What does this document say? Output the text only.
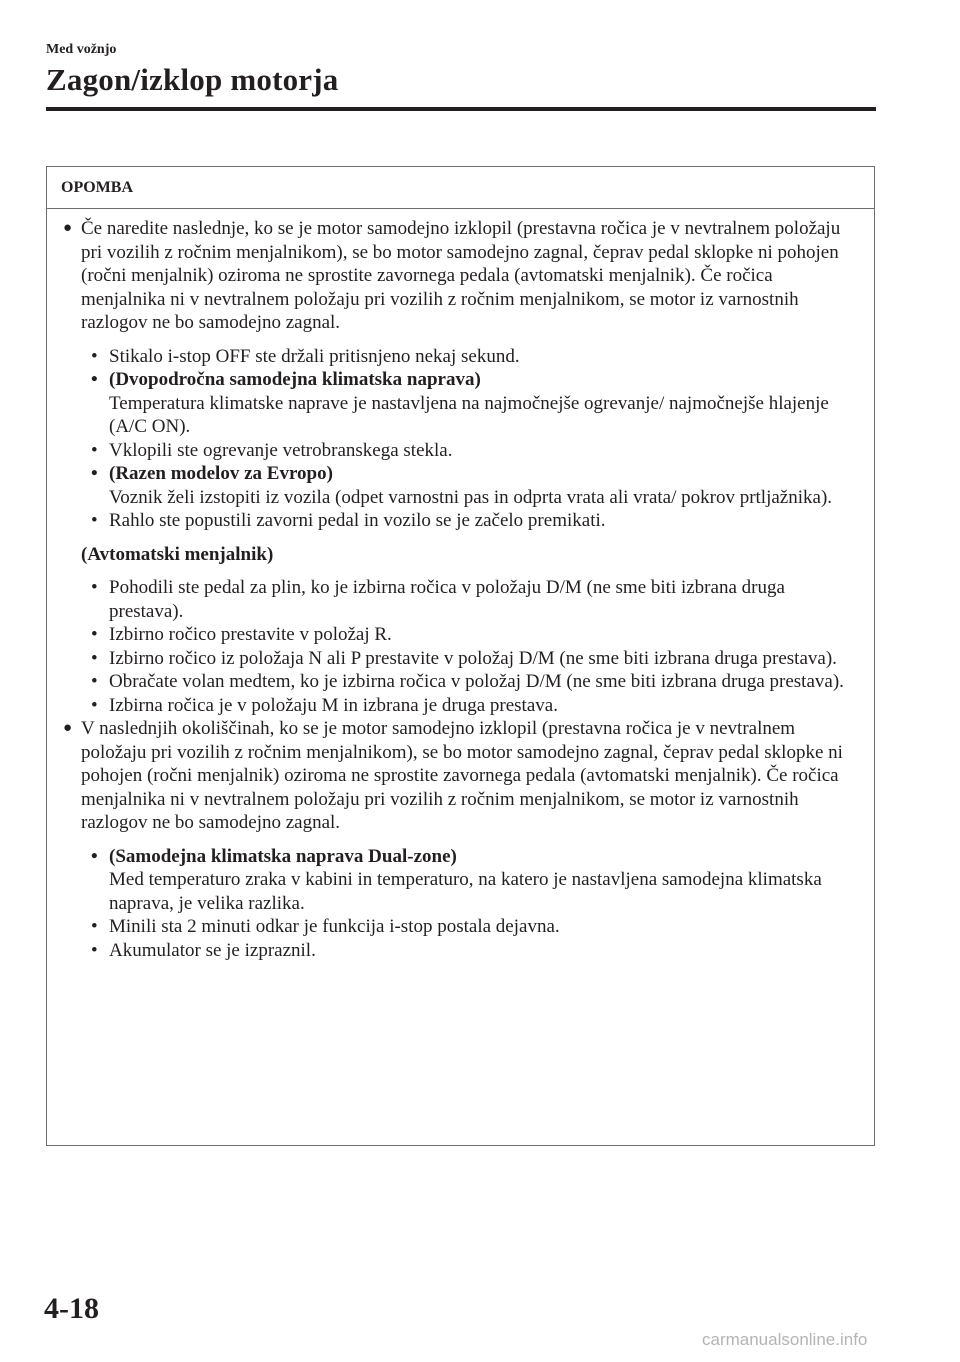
Med vožnjo
Zagon/izklop motorja
OPOMBA
● Če naredite naslednje, ko se je motor samodejno izklopil (prestavna ročica je v nevtralnem položaju pri vozilih z ročnim menjalnikom), se bo motor samodejno zagnal, čeprav pedal sklopke ni pohojen (ročni menjalnik) oziroma ne sprostite zavornega pedala (avtomatski menjalnik). Če ročica menjalnika ni v nevtralnem položaju pri vozilih z ročnim menjalnikom, se motor iz varnostnih razlogov ne bo samodejno zagnal.
• Stikalo i-stop OFF ste držali pritisnjeno nekaj sekund.
• (Dvopodročna samodejna klimatska naprava)
Temperatura klimatske naprave je nastavljena na najmočnejše ogrevanje/ najmočnejše hlajenje (A/C ON).
• Vklopili ste ogrevanje vetrobranskega stekla.
• (Razen modelov za Evropo)
Voznik želi izstopiti iz vozila (odpet varnostni pas in odprta vrata ali vrata/ pokrov prtljažnika).
• Rahlo ste popustili zavorni pedal in vozilo se je začelo premikati.
(Avtomatski menjalnik)
• Pohodili ste pedal za plin, ko je izbirna ročica v položaju D/M (ne sme biti izbrana druga prestava).
• Izbirno ročico prestavite v položaj R.
• Izbirno ročico iz položaja N ali P prestavite v položaj D/M (ne sme biti izbrana druga prestava).
• Obračate volan medtem, ko je izbirna ročica v položaj D/M (ne sme biti izbrana druga prestava).
• Izbirna ročica je v položaju M in izbrana je druga prestava.
● V naslednjih okoliščinah, ko se je motor samodejno izklopil (prestavna ročica je v nevtralnem položaju pri vozilih z ročnim menjalnikom), se bo motor samodejno zagnal, čeprav pedal sklopke ni pohojen (ročni menjalnik) oziroma ne sprostite zavornega pedala (avtomatski menjalnik). Če ročica menjalnika ni v nevtralnem položaju pri vozilih z ročnim menjalnikom, se motor iz varnostnih razlogov ne bo samodejno zagnal.
• (Samodejna klimatska naprava Dual-zone)
Med temperaturo zraka v kabini in temperaturo, na katero je nastavljena samodejna klimatska naprava, je velika razlika.
• Minili sta 2 minuti odkar je funkcija i-stop postala dejavna.
• Akumulator se je izpraznil.
4-18
carmanualsonline.info
